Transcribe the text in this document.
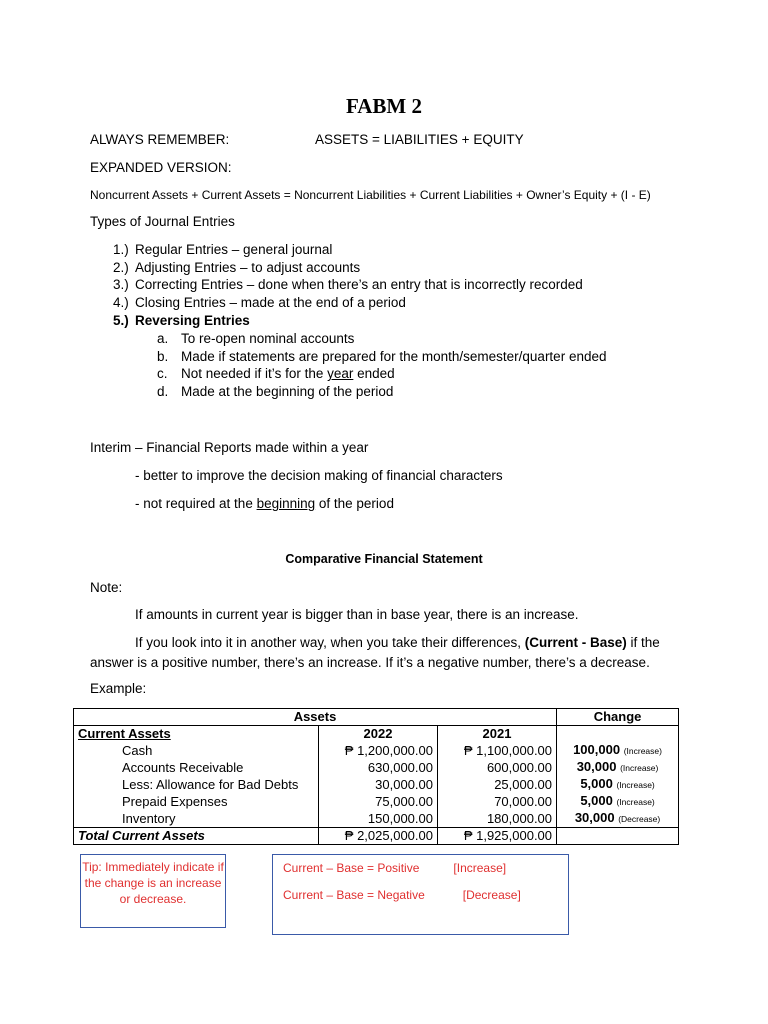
FABM 2
ALWAYS REMEMBER:	ASSETS = LIABILITIES + EQUITY
EXPANDED VERSION:
Noncurrent Assets + Current Assets = Noncurrent Liabilities + Current Liabilities + Owner’s Equity + (I - E)
Types of Journal Entries
1.) Regular Entries – general journal
2.) Adjusting Entries – to adjust accounts
3.) Correcting Entries – done when there’s an entry that is incorrectly recorded
4.) Closing Entries – made at the end of a period
5.) Reversing Entries
a. To re-open nominal accounts
b. Made if statements are prepared for the month/semester/quarter ended
c. Not needed if it’s for the year ended
d. Made at the beginning of the period
Interim – Financial Reports made within a year
- better to improve the decision making of financial characters
- not required at the beginning of the period
Comparative Financial Statement
Note:
If amounts in current year is bigger than in base year, there is an increase.
If you look into it in another way, when you take their differences, (Current - Base) if the answer is a positive number, there’s an increase. If it’s a negative number, there’s a decrease.
Example:
Assets			Change
Current Assets	2022	2021	
Cash	₱ 1,200,000.00	₱ 1,100,000.00	100,000 (Increase)
Accounts Receivable	630,000.00	600,000.00	30,000 (Increase)
Less: Allowance for Bad Debts	30,000.00	25,000.00	5,000 (Increase)
Prepaid Expenses	75,000.00	70,000.00	5,000 (Increase)
Inventory	150,000.00	180,000.00	30,000 (Decrease)
Total Current Assets	₱ 2,025,000.00	₱ 1,925,000.00	
Tip: Immediately indicate if the change is an increase or decrease.
Current – Base = Positive	[Increase]
Current – Base = Negative	[Decrease]
